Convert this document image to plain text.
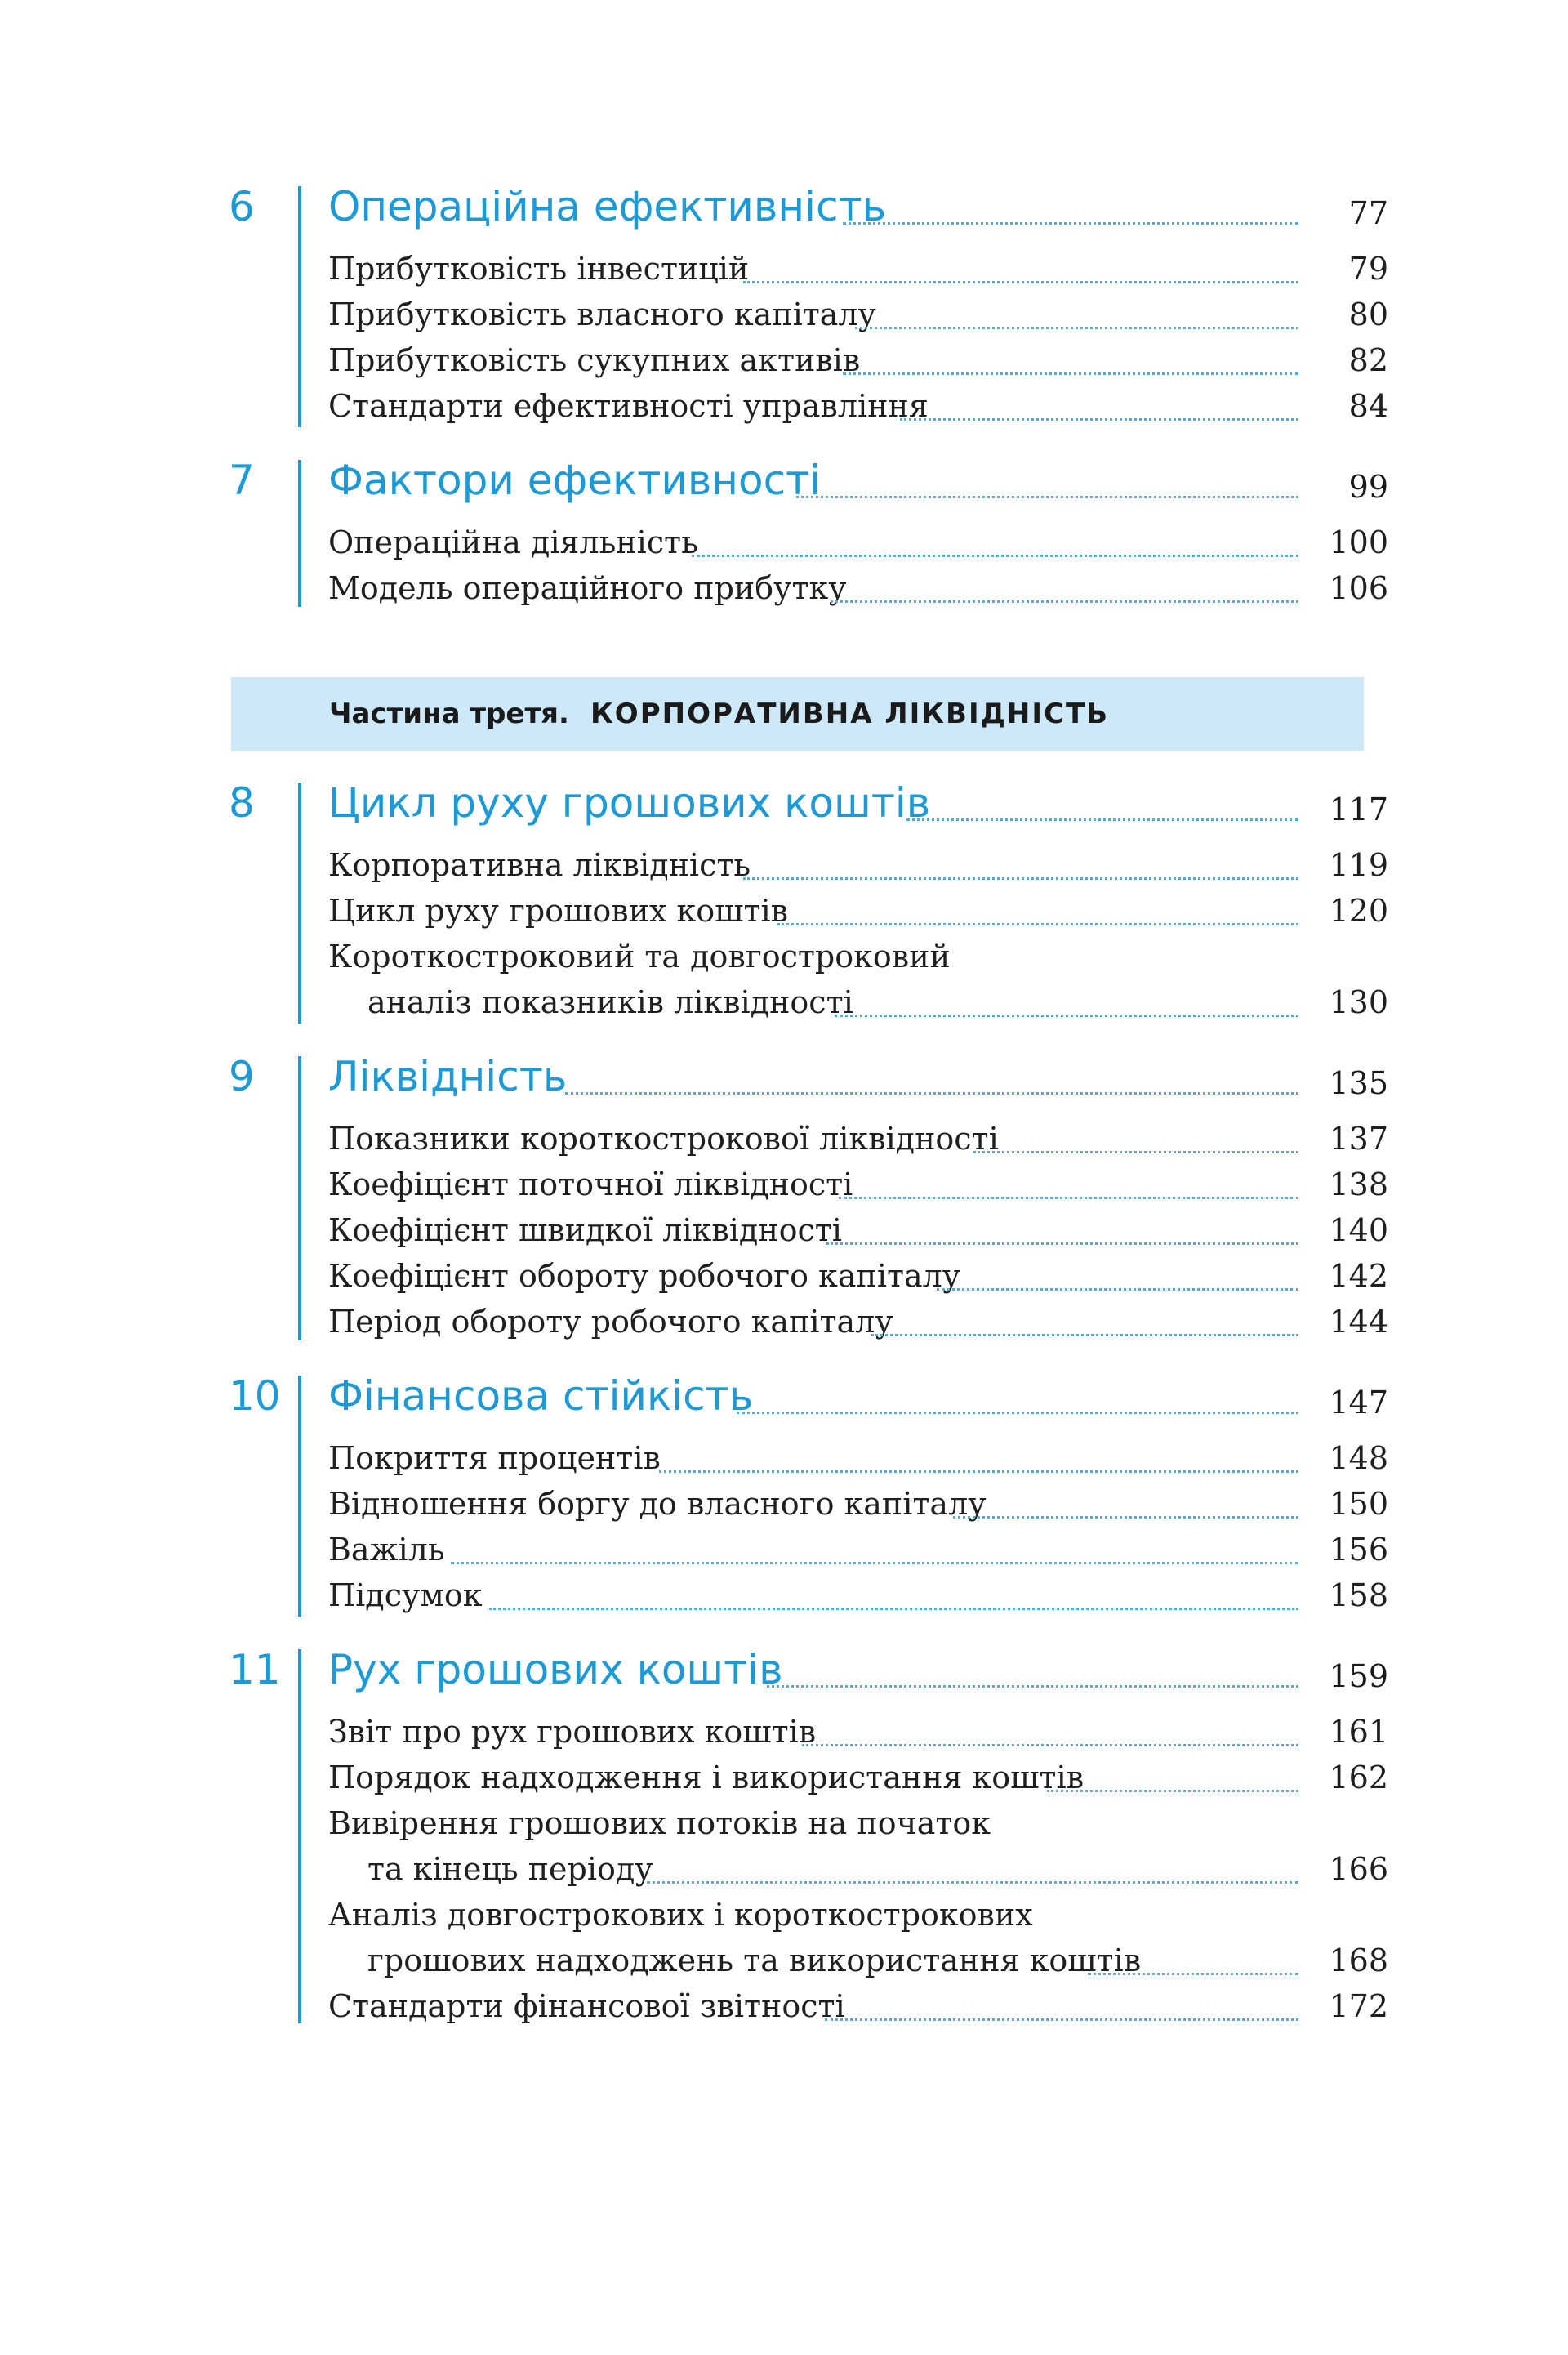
6 Операційна ефективність	77
Прибутковість інвестицій	79
Прибутковість власного капіталу	80
Прибутковість сукупних активів	82
Стандарти ефективності управління	84
7 Фактори ефективності	99
Операційна діяльність	100
Модель операційного прибутку	106
Частина третя. КОРПОРАТИВНА ЛІКВІДНІСТЬ
8 Цикл руху грошових коштів	117
Корпоративна ліквідність	119
Цикл руху грошових коштів	120
Короткостроковий та довгостроковий
аналіз показників ліквідності	130
9 Ліквідність	135
Показники короткострокової ліквідності	137
Коефіцієнт поточної ліквідності	138
Коефіцієнт швидкої ліквідності	140
Коефіцієнт обороту робочого капіталу	142
Період обороту робочого капіталу	144
10 Фінансова стійкість	147
Покриття процентів	148
Відношення боргу до власного капіталу	150
Важіль	156
Підсумок	158
11 Рух грошових коштів	159
Звіт про рух грошових коштів	161
Порядок надходження і використання коштів	162
Вивірення грошових потоків на початок
та кінець періоду	166
Аналіз довгострокових і короткострокових
грошових надходжень та використання коштів	168
Стандарти фінансової звітності	172
